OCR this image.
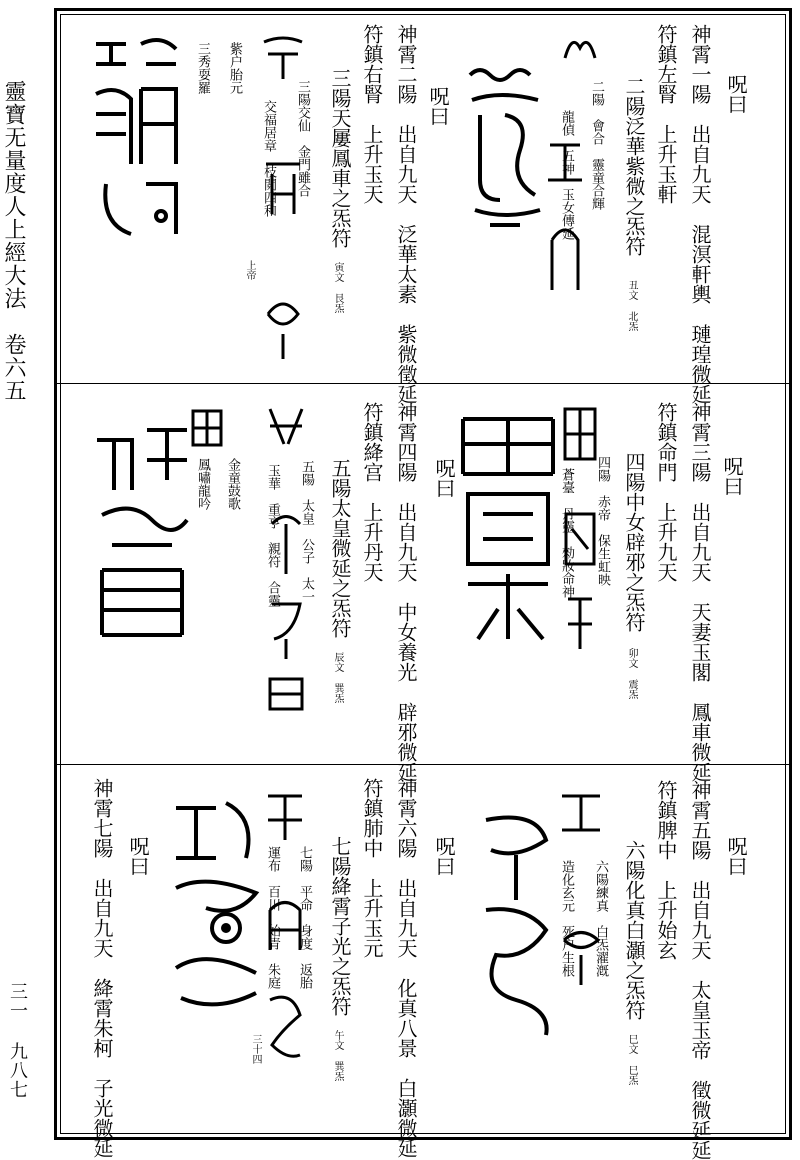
靈寶无量度人上經大法　卷六五
三一 九八七
呪曰
神霄一陽　出自九天　混溟軒輿　璉瑝微延
符鎮左腎　上升玉軒
二陽泛華紫微之炁符
丑文 北炁
二陽　會合　靈童合輝
龍偵　五神　玉女傳延
呪曰
神霄二陽　出自九天　泛華太素　紫微徵延
符鎮右腎　上升玉天
三陽天屢鳳車之炁符
寅文 艮炁
三陽交仙　金門雖合
交福居章　枝閲四和
上帝
紫户胎元
三秀耍羅
呪曰
神霄三陽　出自九天　天妻玉閣　鳳車微延
符鎮命門　上升九天
四陽中女辟邪之炁符
卯文 震炁
四陽　赤帝　保生虹映
蒼臺　丹靈　勑妝命神
呪曰
神霄四陽　出自九天　中女養光　辟邪微延
符鎮絳宫　上升丹天
五陽太皇微延之炁符
辰文 巽炁
五陽　太皇　公子　太一
玉華　重亨　親符　合靈
金童鼓歌
鳳嘯龍吟
呪曰
神霄五陽　出自九天　太皇玉帝　徵微延延
符鎮脾中　上升始玄
六陽化真白灝之炁符
巳文 巳炁
六陽練真　白炁濯漑
造化玄元　死户生根
呪曰
神霄六陽　出自九天　化真八景　白灝微延
符鎮肺中　上升玉元
七陽絳霄子光之炁符
午文 巽炁
七陽　平命　身度　返胎
運布　百川　始青　朱庭
三十四
呪曰
神霄七陽　出自九天　絳霄朱柯　子光微延
